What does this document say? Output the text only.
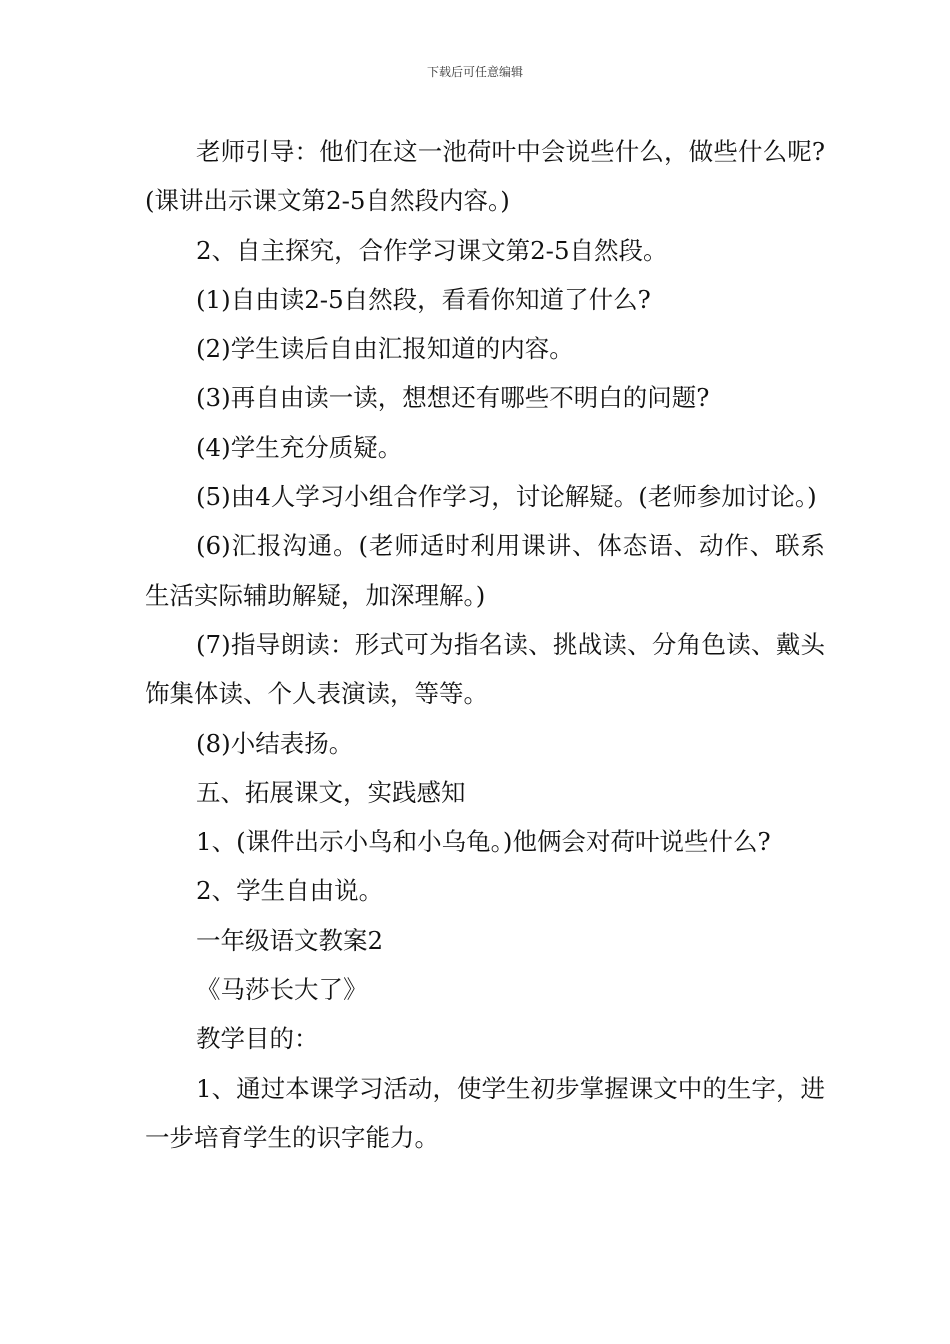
下载后可任意编辑

老师引导：他们在这一池荷叶中会说些什么，做些什么呢?(课讲出示课文第2-5自然段内容。)

2、自主探究，合作学习课文第2-5自然段。

(1)自由读2-5自然段，看看你知道了什么?

(2)学生读后自由汇报知道的内容。

(3)再自由读一读，想想还有哪些不明白的问题?

(4)学生充分质疑。

(5)由4人学习小组合作学习，讨论解疑。(老师参加讨论。)

(6)汇报沟通。(老师适时利用课讲、体态语、动作、联系生活实际辅助解疑，加深理解。)

(7)指导朗读：形式可为指名读、挑战读、分角色读、戴头饰集体读、个人表演读，等等。

(8)小结表扬。

五、拓展课文，实践感知

1、(课件出示小鸟和小乌龟。)他俩会对荷叶说些什么?

2、学生自由说。

一年级语文教案2

《马莎长大了》

教学目的：

1、通过本课学习活动，使学生初步掌握课文中的生字，进一步培育学生的识字能力。
